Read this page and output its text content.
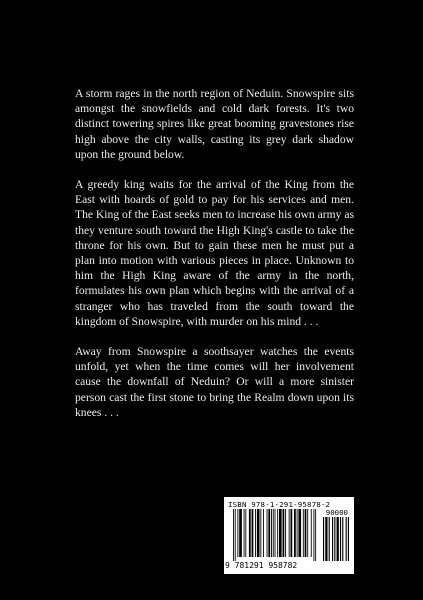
A storm rages in the north region of Neduin. Snowspire sits amongst the snowfields and cold dark forests. It's two distinct towering spires like great booming gravestones rise high above the city walls, casting its grey dark shadow upon the ground below.

A greedy king waits for the arrival of the King from the East with hoards of gold to pay for his services and men. The King of the East seeks men to increase his own army as they venture south toward the High King's castle to take the throne for his own. But to gain these men he must put a plan into motion with various pieces in place. Unknown to him the High King aware of the army in the north, formulates his own plan which begins with the arrival of a stranger who has traveled from the south toward the kingdom of Snowspire, with murder on his mind . . .

Away from Snowspire a soothsayer watches the events unfold, yet when the time comes will her involvement cause the downfall of Neduin? Or will a more sinister person cast the first stone to bring the Realm down upon its knees . . .

ISBN 978-1-291-95878-2
90000
9 781291 958782
